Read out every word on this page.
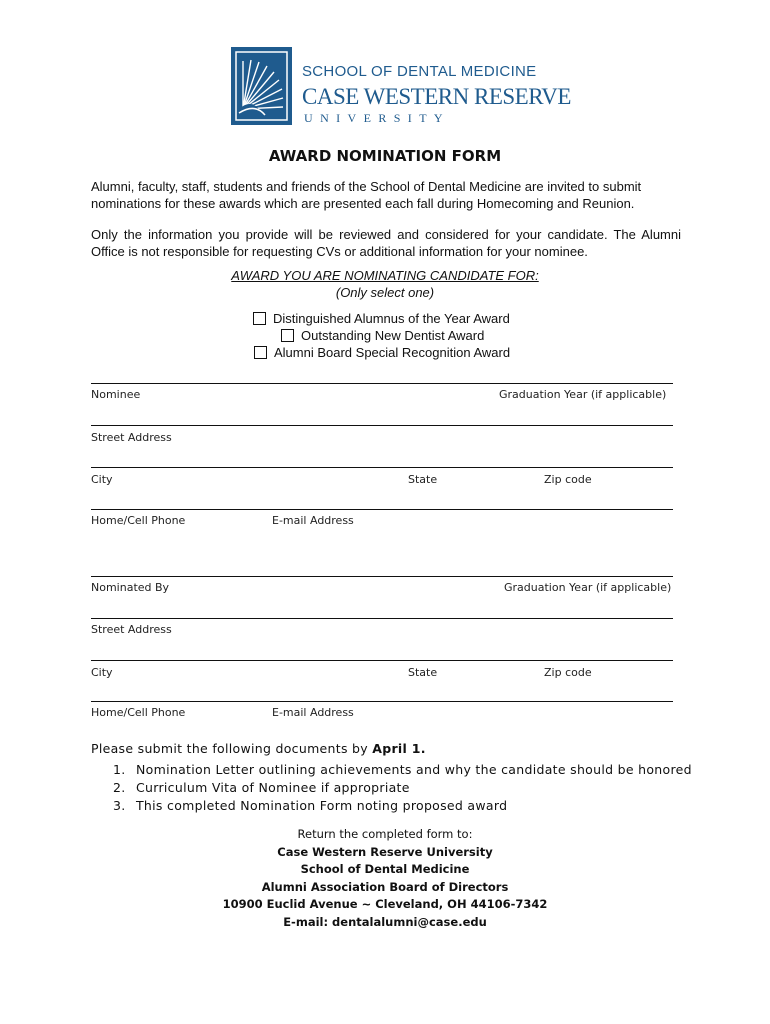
SCHOOL OF DENTAL MEDICINE
CASE WESTERN RESERVE
UNIVERSITY
AWARD NOMINATION FORM

Alumni, faculty, staff, students and friends of the School of Dental Medicine are invited to submit nominations for these awards which are presented each fall during Homecoming and Reunion.

Only the information you provide will be reviewed and considered for your candidate. The Alumni Office is not responsible for requesting CVs or additional information for your nominee.

AWARD YOU ARE NOMINATING CANDIDATE FOR:
(Only select one)
Distinguished Alumnus of the Year Award
Outstanding New Dentist Award
Alumni Board Special Recognition Award
Nominee	Graduation Year (if applicable)
Street Address
City	State	Zip code
Home/Cell Phone	E-mail Address
Nominated By	Graduation Year (if applicable)
Street Address
City	State	Zip code
Home/Cell Phone	E-mail Address
Please submit the following documents by April 1.
1. Nomination Letter outlining achievements and why the candidate should be honored
2. Curriculum Vita of Nominee if appropriate
3. This completed Nomination Form noting proposed award
Return the completed form to:
Case Western Reserve University
School of Dental Medicine
Alumni Association Board of Directors
10900 Euclid Avenue ~ Cleveland, OH 44106-7342
E-mail: dentalalumni@case.edu
